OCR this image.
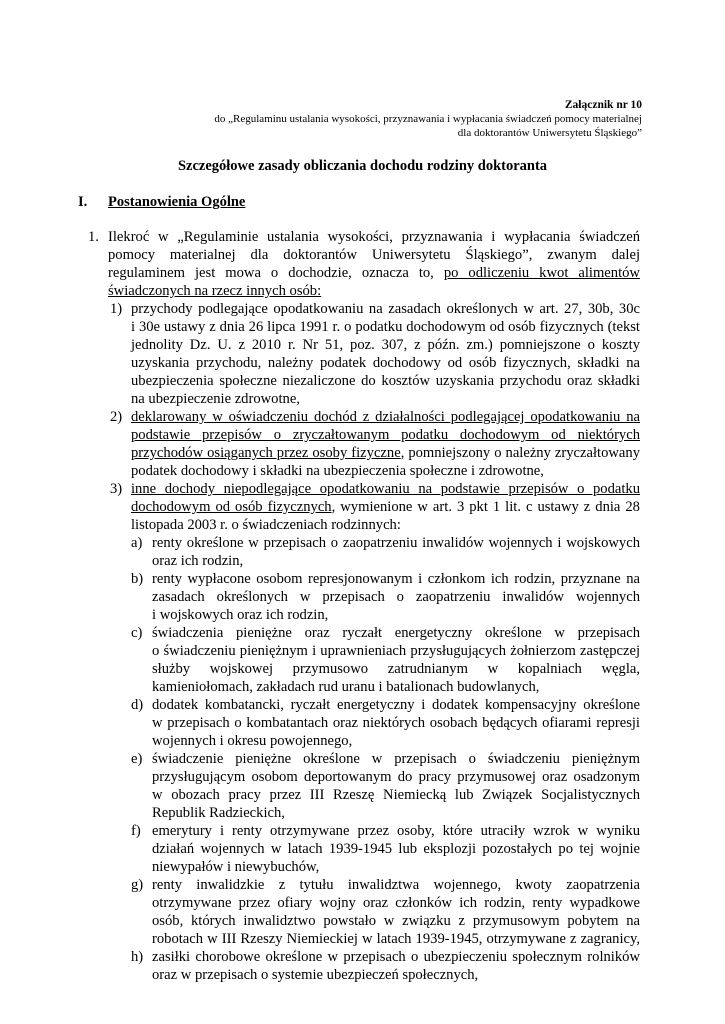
Załącznik nr 10
do „Regulaminu ustalania wysokości, przyznawania i wypłacania świadczeń pomocy materialnej
dla doktorantów Uniwersytetu Śląskiego”
Szczegółowe zasady obliczania dochodu rodziny doktoranta
I. Postanowienia Ogólne
1. Ilekroć w „Regulaminie ustalania wysokości, przyznawania i wypłacania świadczeń
pomocy materialnej dla doktorantów Uniwersytetu Śląskiego”, zwanym dalej
regulaminem jest mowa o dochodzie, oznacza to, po odliczeniu kwot alimentów
świadczonych na rzecz innych osób:
1) przychody podlegające opodatkowaniu na zasadach określonych w art. 27, 30b, 30c
i 30e ustawy z dnia 26 lipca 1991 r. o podatku dochodowym od osób fizycznych (tekst
jednolity Dz. U. z 2010 r. Nr 51, poz. 307, z późn. zm.) pomniejszone o koszty
uzyskania przychodu, należny podatek dochodowy od osób fizycznych, składki na
ubezpieczenia społeczne niezaliczone do kosztów uzyskania przychodu oraz składki
na ubezpieczenie zdrowotne,
2) deklarowany w oświadczeniu dochód z działalności podlegającej opodatkowaniu na
podstawie przepisów o zryczałtowanym podatku dochodowym od niektórych
przychodów osiąganych przez osoby fizyczne, pomniejszony o należny zryczałtowany
podatek dochodowy i składki na ubezpieczenia społeczne i zdrowotne,
3) inne dochody niepodlegające opodatkowaniu na podstawie przepisów o podatku
dochodowym od osób fizycznych, wymienione w art. 3 pkt 1 lit. c ustawy z dnia 28
listopada 2003 r. o świadczeniach rodzinnych:
a) renty określone w przepisach o zaopatrzeniu inwalidów wojennych i wojskowych
oraz ich rodzin,
b) renty wypłacone osobom represjonowanym i członkom ich rodzin, przyznane na
zasadach określonych w przepisach o zaopatrzeniu inwalidów wojennych
i wojskowych oraz ich rodzin,
c) świadczenia pieniężne oraz ryczałt energetyczny określone w przepisach
o świadczeniu pieniężnym i uprawnieniach przysługujących żołnierzom zastępczej
służby wojskowej przymusowo zatrudnianym w kopalniach węgla,
kamieniołomach, zakładach rud uranu i batalionach budowlanych,
d) dodatek kombatancki, ryczałt energetyczny i dodatek kompensacyjny określone
w przepisach o kombatantach oraz niektórych osobach będących ofiarami represji
wojennych i okresu powojennego,
e) świadczenie pieniężne określone w przepisach o świadczeniu pieniężnym
przysługującym osobom deportowanym do pracy przymusowej oraz osadzonym
w obozach pracy przez III Rzeszę Niemiecką lub Związek Socjalistycznych
Republik Radzieckich,
f) emerytury i renty otrzymywane przez osoby, które utraciły wzrok w wyniku
działań wojennych w latach 1939-1945 lub eksplozji pozostałych po tej wojnie
niewypałów i niewybuchów,
g) renty inwalidzkie z tytułu inwalidztwa wojennego, kwoty zaopatrzenia
otrzymywane przez ofiary wojny oraz członków ich rodzin, renty wypadkowe
osób, których inwalidztwo powstało w związku z przymusowym pobytem na
robotach w III Rzeszy Niemieckiej w latach 1939-1945, otrzymywane z zagranicy,
h) zasiłki chorobowe określone w przepisach o ubezpieczeniu społecznym rolników
oraz w przepisach o systemie ubezpieczeń społecznych,
